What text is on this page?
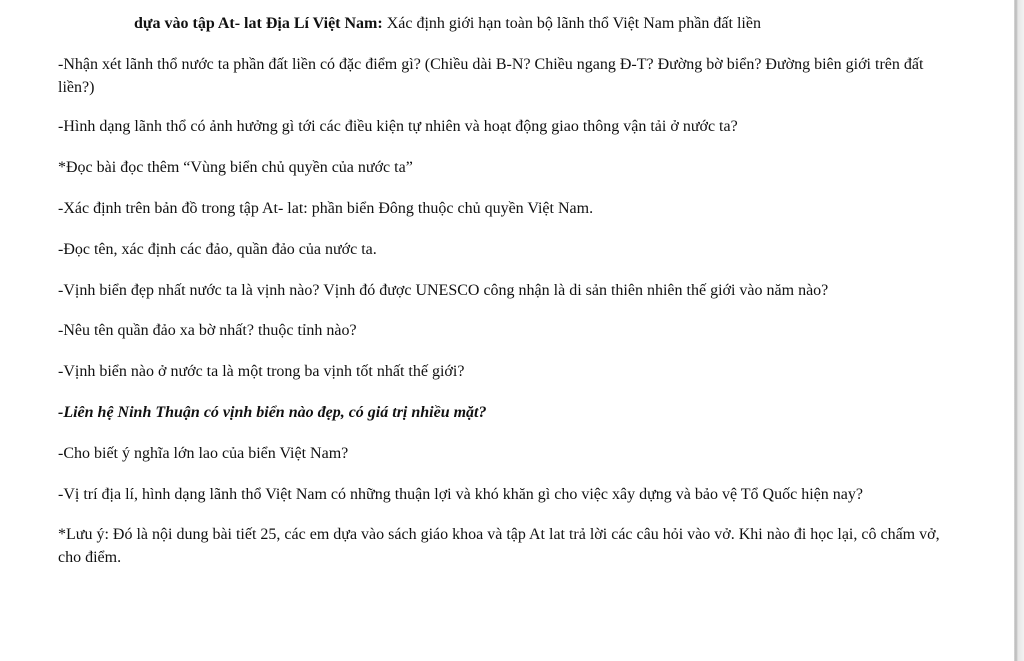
dựa vào tập At- lat Địa Lí Việt Nam: Xác định giới hạn toàn bộ lãnh thổ Việt Nam phần đất liền

-Nhận xét lãnh thổ nước ta phần đất liền có đặc điểm gì? (Chiều dài B-N? Chiều ngang Đ-T? Đường bờ biển? Đường biên giới trên đất liền?)

-Hình dạng lãnh thổ có ảnh hưởng gì tới các điều kiện tự nhiên và hoạt động giao thông vận tải ở nước ta?

*Đọc bài đọc thêm “Vùng biển chủ quyền của nước ta”

-Xác định trên bản đồ trong tập At- lat: phần biển Đông thuộc chủ quyền Việt Nam.

-Đọc tên, xác định các đảo, quần đảo của nước ta.

-Vịnh biển đẹp nhất nước ta là vịnh nào? Vịnh đó được UNESCO công nhận là di sản thiên nhiên thế giới vào năm nào?

-Nêu tên quần đảo xa bờ nhất? thuộc tỉnh nào?

-Vịnh biển nào ở nước ta là một trong ba vịnh tốt nhất thế giới?

-Liên hệ Ninh Thuận có vịnh biển nào đẹp, có giá trị nhiều mặt?

-Cho biết ý nghĩa lớn lao của biển Việt Nam?

-Vị trí địa lí, hình dạng lãnh thổ Việt Nam có những thuận lợi và khó khăn gì cho việc xây dựng và bảo vệ Tổ Quốc hiện nay?

*Lưu ý: Đó là nội dung bài tiết 25, các em dựa vào sách giáo khoa và tập At lat trả lời các câu hỏi vào vở. Khi nào đi học lại, cô chấm vở, cho điểm.
